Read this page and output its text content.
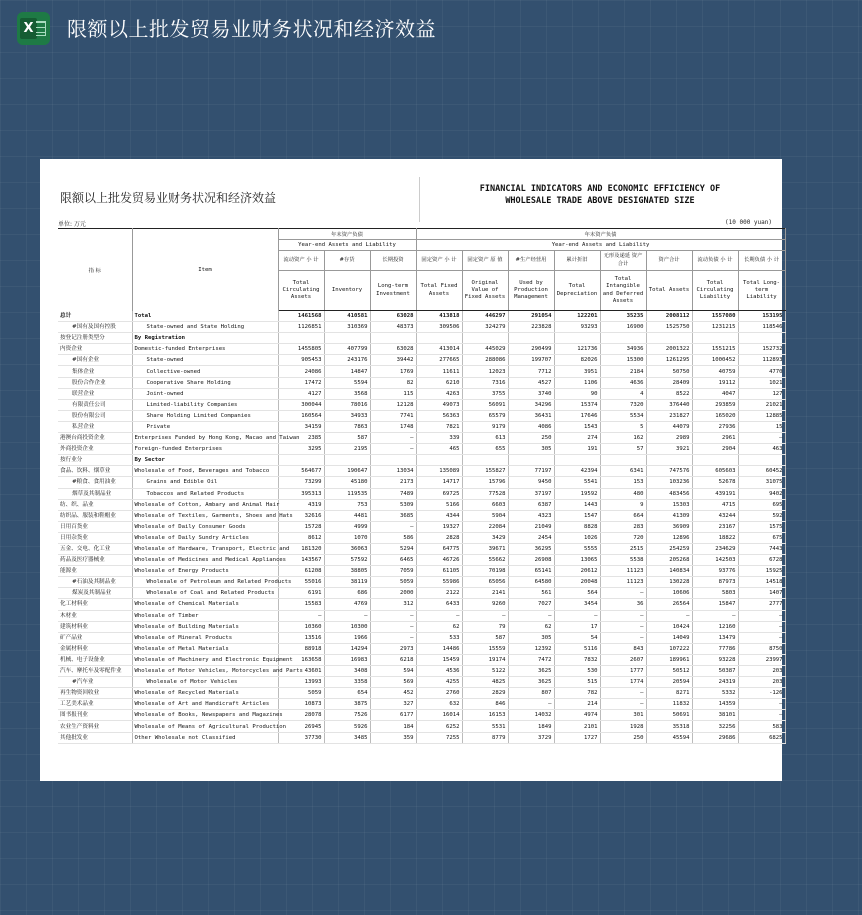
X 限额以上批发贸易业财务状况和经济效益
限额以上批发贸易业财务状况和经济效益
FINANCIAL INDICATORS AND ECONOMIC EFFICIENCY OF
WHOLESALE TRADE ABOVE DESIGNATED SIZE
单位: 万元	(10 000 yuan)
指 标	Item	年末资产负债			年末资产负债							
		Year-end Assets and Liability			Year-end Assets and Liability							
		流动资产 小 计	#存货	长期投资	固定资产 小 计	固定资产 原 值	#生产经营用	累计折旧	无形及递延 资产合计	资产合计	流动负债 小 计	长期负债 小 计
		Total Circulating Assets	Inventory	Long-term Investment	Total Fixed Assets	Original Value of Fixed Assets	Used by Production Management	Total Depreciation	Total Intangible and Deferred Assets	Total Assets	Total Circulating Liability	Total Long-term Liability
总计	Total	1461568	410581	63028	413818	446297	291054	122201	35235	2008112	1557080	153195
#国有及国有控股	State-owned and State Holding	1126851	310369	48373	309506	324279	223828	93293	16900	1525750	1231215	118546
按登记注册类型分	By Registration											
内资企业	Domestic-funded Enterprises	1455805	407799	63028	413014	445029	290499	121736	34936	2001322	1551215	152732
#国有企业	State-owned	905453	243176	39442	277665	288086	199707	82026	15300	1261295	1000452	112893
集体企业	Collective-owned	24086	14847	1769	11611	12023	7712	3951	2184	50750	40759	4770
股份合作企业	Cooperative Share Holding	17472	5594	82	6210	7316	4527	1106	4636	28409	19112	1021
联营企业	Joint-owned	4127	3568	115	4263	3755	3740	90	4	8522	4047	127
有限责任公司	Limited-liability Companies	300044	78016	12128	49073	56091	34296	15374	7320	376440	293859	21021
股份有限公司	Share Holding Limited Companies	160564	34933	7741	56363	65579	36431	17646	5534	231827	165020	12885
私营企业	Private	34159	7863	1748	7821	9179	4086	1543	5	44079	27936	15
港澳台商投资企业	Enterprises Funded by Hong Kong, Macao and Taiwan	2385	587	–	339	613	250	274	162	2989	2961	–
外商投资企业	Foreign-funded Enterprises	3295	2195	–	465	655	305	191	57	3921	2904	463
按行业分	By Sector											
食品、饮料、烟草业	Wholesale of Food, Beverages and Tobacco	564677	190647	13034	135089	155827	77197	42394	6341	747576	605603	60452
#粮食、食用油业	Grains and Edible Oil	73299	45180	2173	14717	15796	9450	5541	153	103236	52678	31075
烟草及其制品业	Tobaccos and Related Products	395313	119535	7489	69725	77528	37197	19592	480	483456	439191	9402
纺、织、品业	Wholesale of Cotton, Ambary and Animal Hair	4319	753	5309	5166	6603	6387	1443	9	15303	4715	695
纺织品、服装和鞋帽业	Wholesale of Textiles, Garments, Shoes and Hats	32616	4481	3685	4344	5904	4323	1547	664	41309	43244	592
日用百货业	Wholesale of Daily Consumer Goods	15728	4999	–	19327	22084	21049	8828	283	36909	23167	1575
日用杂货业	Wholesale of Daily Sundry Articles	8612	1070	586	2828	3429	2454	1026	720	12896	18822	675
五金、交电、化工业	Wholesale of Hardware, Transport, Electric and	181320	36063	5294	64775	39671	36295	5555	2515	254259	234629	7443
药品及医疗器械业	Wholesale of Medicines and Medical Appliances	143567	57592	6465	46726	55662	26908	13065	5538	205268	142503	6728
能源业	Wholesale of Energy Products	61208	38805	7059	61105	70198	65141	20612	11123	140834	93776	15925
#石油及其制品业	Wholesale of Petroleum and Related Products	55016	38119	5059	55986	65056	64580	20048	11123	130228	87973	14518
煤炭及其制品业	Wholesale of Coal and Related Products	6191	686	2000	2122	2141	561	564	–	10606	5803	1407
化工材料业	Wholesale of Chemical Materials	15583	4769	312	6433	9260	7027	3454	36	26564	15847	2777
木材业	Wholesale of Timber	–	–	–	–	–	–	–	–	–	–	–
建筑材料业	Wholesale of Building Materials	10360	10300	–	62	79	62	17	–	10424	12160	–
矿产品业	Wholesale of Mineral Products	13516	1966	–	533	587	305	54	–	14049	13479	–
金属材料业	Wholesale of Metal Materials	88918	14294	2973	14486	15559	12392	5116	843	107222	77786	8750
机械、电子设备业	Wholesale of Machinery and Electronic Equipment	163658	16983	6218	15459	19174	7472	7832	2607	189961	93228	23997
汽车、摩托车及零配件业	Wholesale of Motor Vehicles, Motorcycles and Parts	43601	3408	594	4536	5122	3625	530	1777	50512	50387	203
#汽车业	Wholesale of Motor Vehicles	13993	3358	569	4255	4825	3625	515	1774	20594	24319	203
再生物资回收业	Wholesale of Recycled Materials	5059	654	452	2760	2829	807	782	–	8271	5332	-126
工艺美术品业	Wholesale of Art and Handicraft Articles	10873	3875	327	632	846	–	214	–	11832	14359	–
图书报刊业	Wholesale of Books, Newspapers and Magazines	28078	7526	6177	16014	16153	14032	4974	301	50691	38101	–
农业生产资料业	Wholesale of Means of Agricultural Production	26945	5926	184	6252	5531	1849	2101	1928	35318	32256	583
其他批发业	Other Wholesale not Classified	37730	3485	359	7255	8779	3729	1727	250	45594	29686	6825
